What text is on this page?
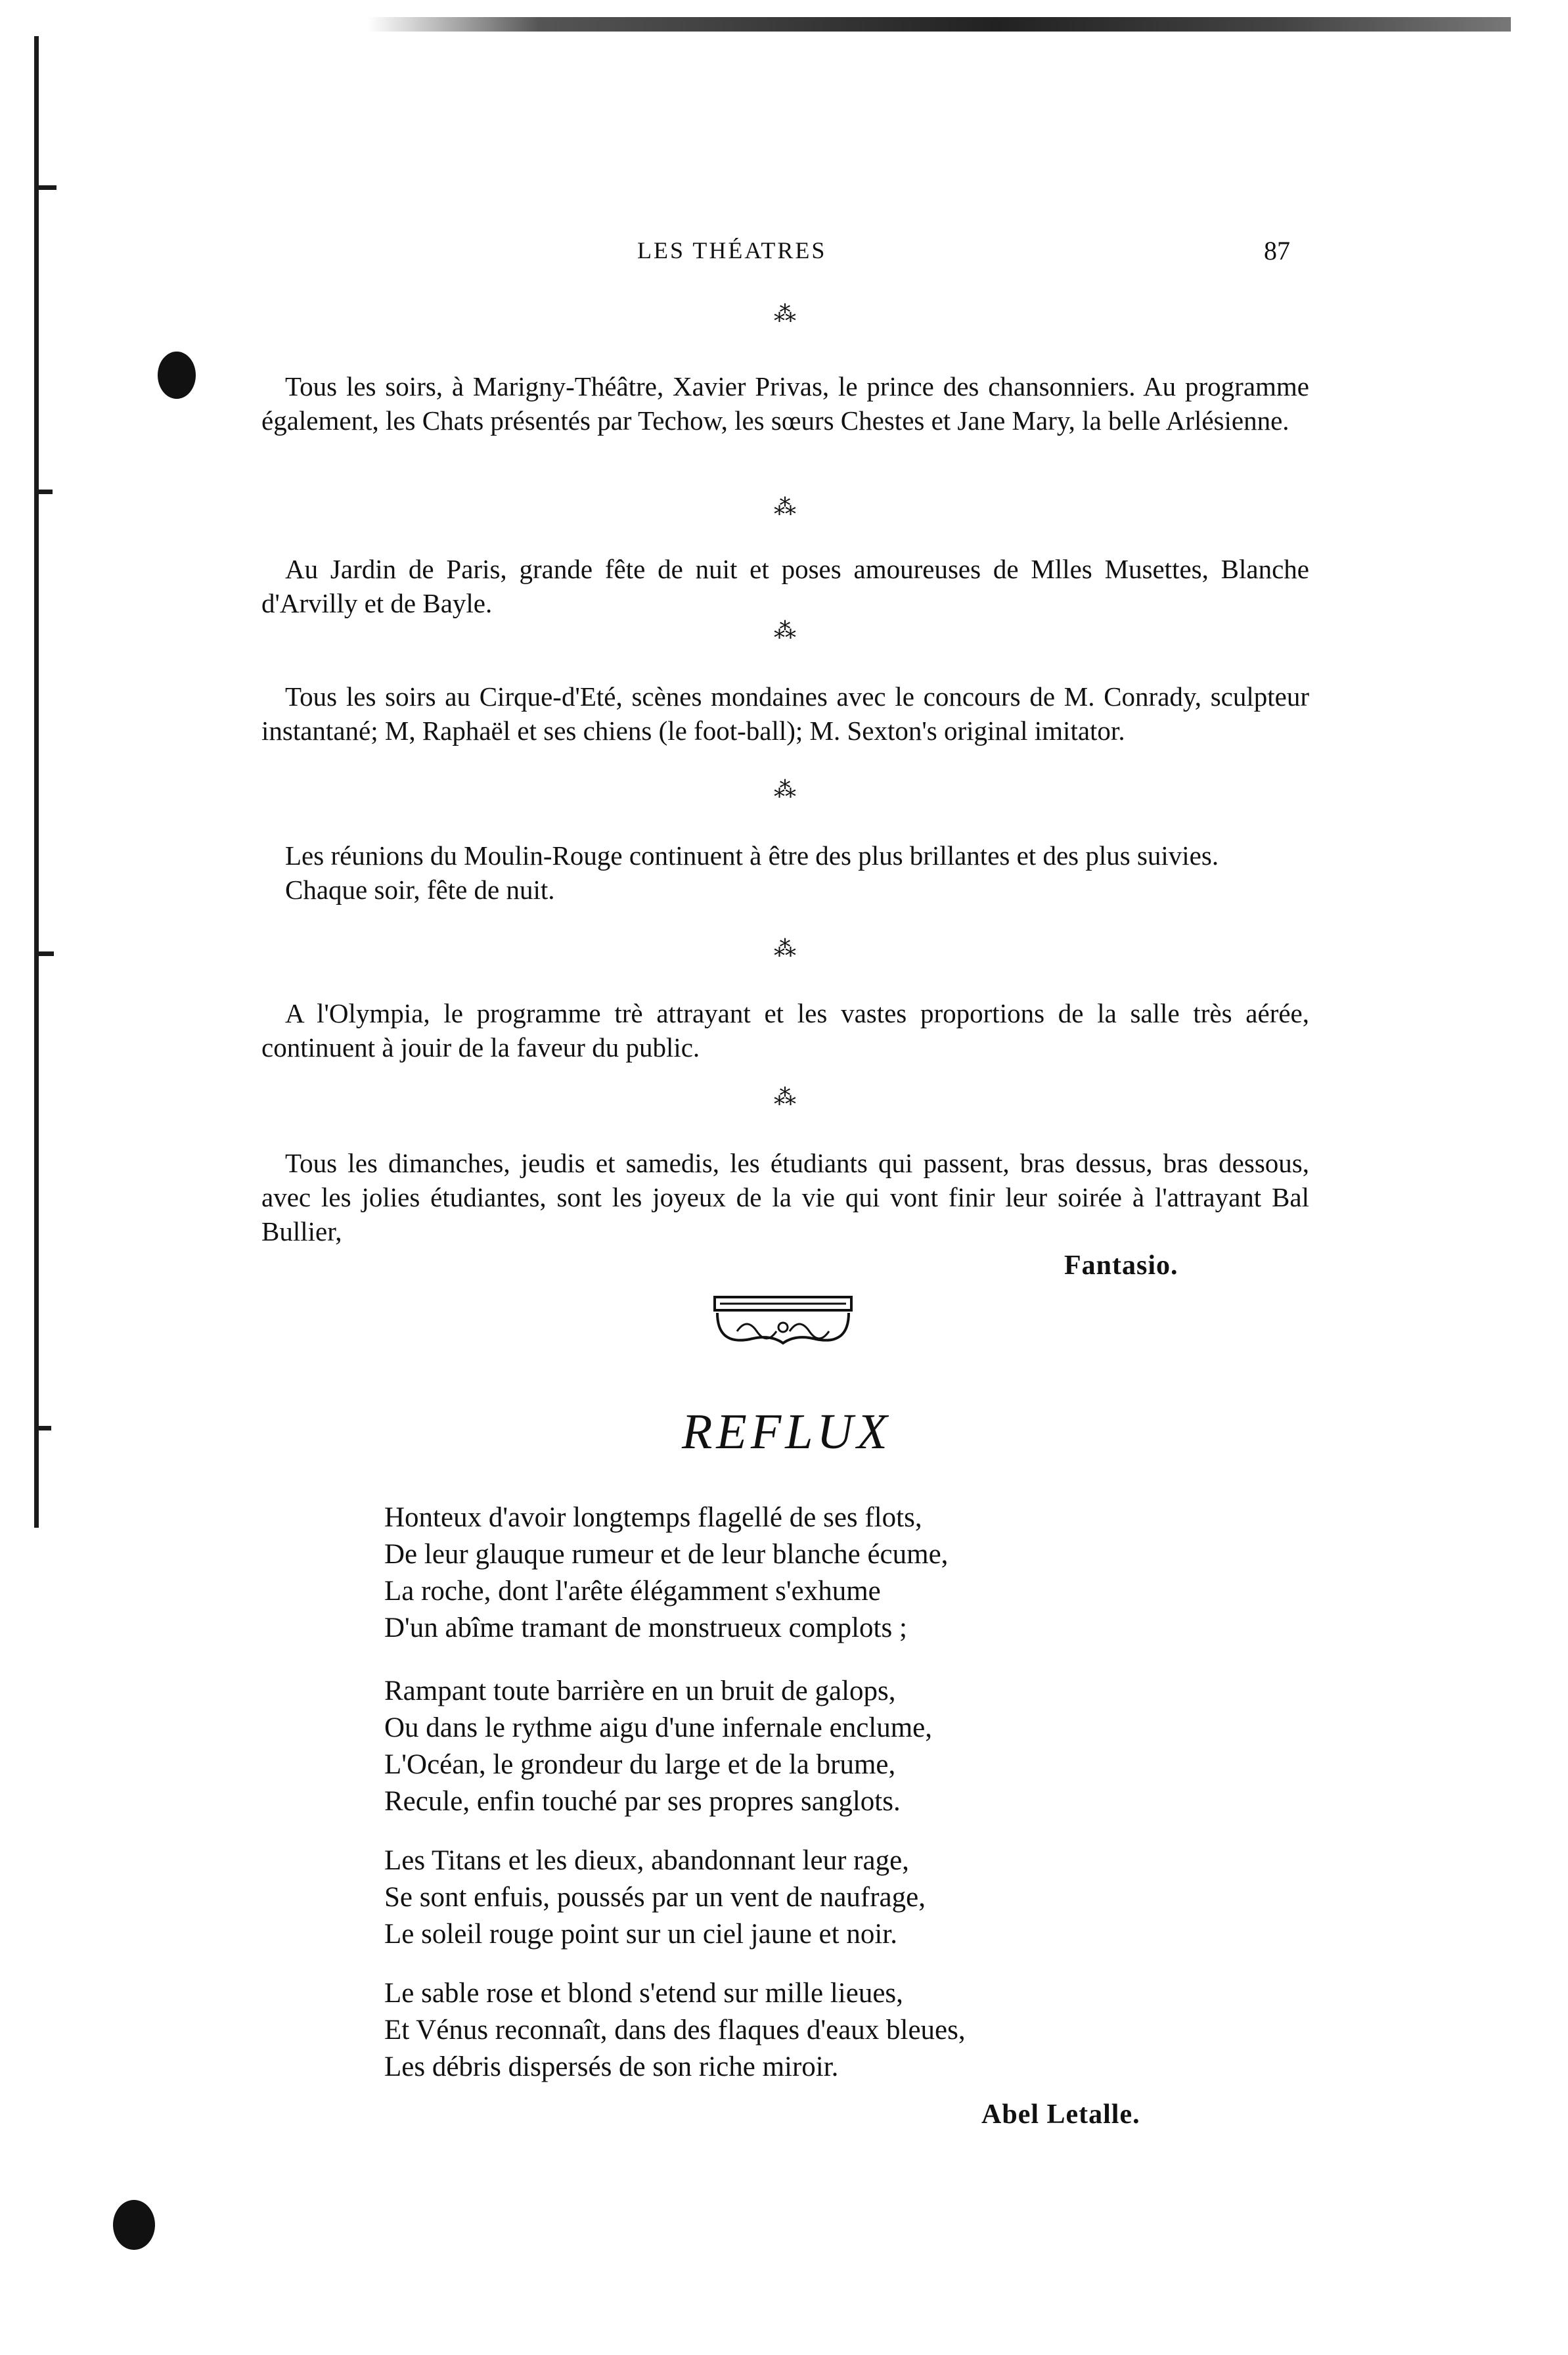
LES THÉATRES	87
⁂

Tous les soirs, à Marigny-Théâtre, Xavier Privas, le prince des chansonniers. Au programme également, les Chats présentés par Techow, les sœurs Chestes et Jane Mary, la belle Arlésienne.

⁂

Au Jardin de Paris, grande fête de nuit et poses amoureuses de Mlles Musettes, Blanche d'Arvilly et de Bayle.

⁂

Tous les soirs au Cirque-d'Eté, scènes mondaines avec le concours de M. Conrady, sculpteur instantané; M, Raphaël et ses chiens (le foot-ball); M. Sexton's original imitator.

⁂

Les réunions du Moulin-Rouge continuent à être des plus brillantes et des plus suivies.

Chaque soir, fête de nuit.

⁂

A l'Olympia, le programme trè attrayant et les vastes proportions de la salle très aérée, continuent à jouir de la faveur du public.

⁂

Tous les dimanches, jeudis et samedis, les étudiants qui passent, bras dessus, bras dessous, avec les jolies étudiantes, sont les joyeux de la vie qui vont finir leur soirée à l'attrayant Bal Bullier,

Fantasio.
REFLUX
Honteux d'avoir longtemps flagellé de ses flots,
De leur glauque rumeur et de leur blanche écume,
La roche, dont l'arête élégamment s'exhume
D'un abîme tramant de monstrueux complots ;
Rampant toute barrière en un bruit de galops,
Ou dans le rythme aigu d'une infernale enclume,
L'Océan, le grondeur du large et de la brume,
Recule, enfin touché par ses propres sanglots.
Les Titans et les dieux, abandonnant leur rage,
Se sont enfuis, poussés par un vent de naufrage,
Le soleil rouge point sur un ciel jaune et noir.
Le sable rose et blond s'etend sur mille lieues,
Et Vénus reconnaît, dans des flaques d'eaux bleues,
Les débris dispersés de son riche miroir.
Abel Letalle.
